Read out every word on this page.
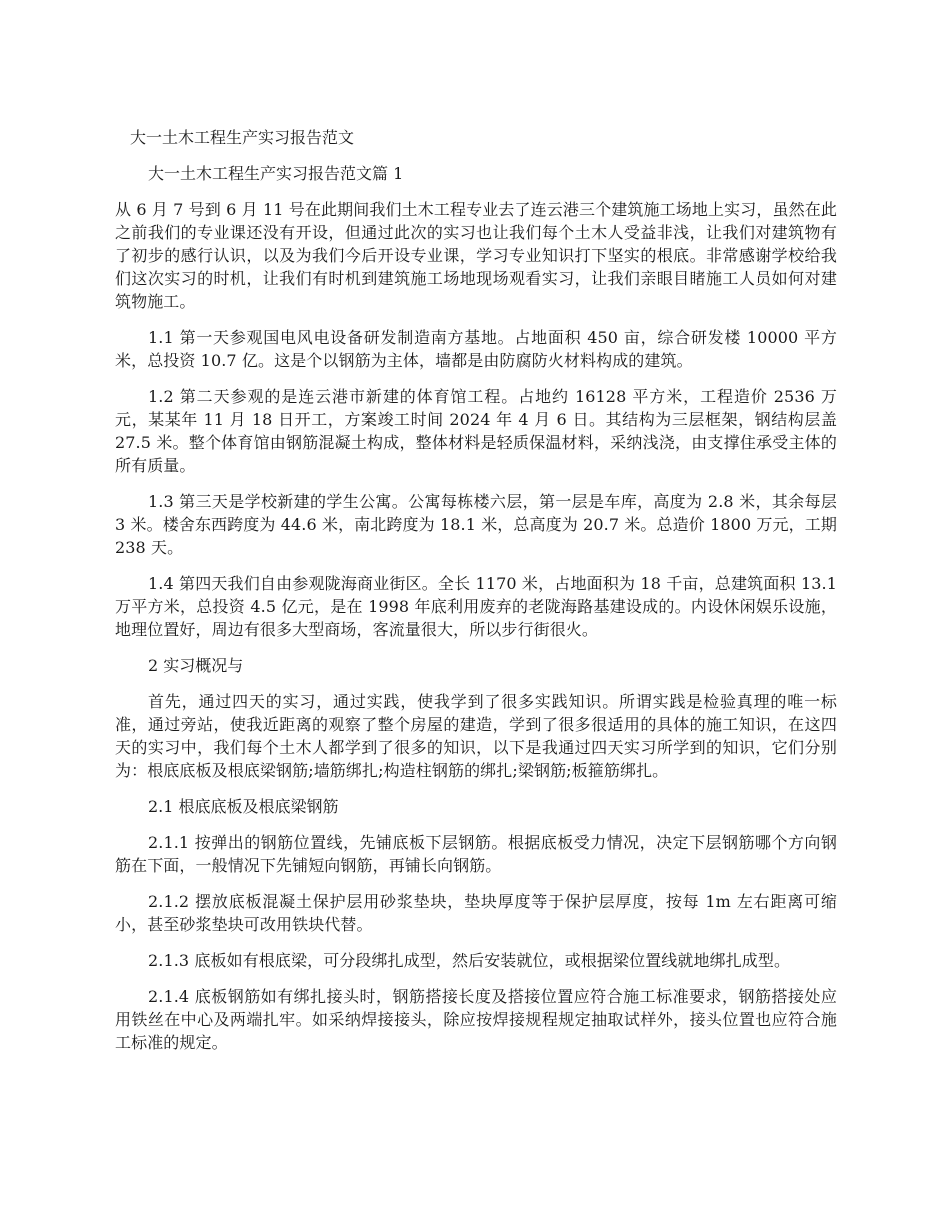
大一土木工程生产实习报告范文

大一土木工程生产实习报告范文篇 1

从 6 月 7 号到 6 月 11 号在此期间我们土木工程专业去了连云港三个建筑施工场地上实习，虽然在此之前我们的专业课还没有开设，但通过此次的实习也让我们每个土木人受益非浅，让我们对建筑物有了初步的感行认识，以及为我们今后开设专业课，学习专业知识打下坚实的根底。非常感谢学校给我们这次实习的时机，让我们有时机到建筑施工场地现场观看实习，让我们亲眼目睹施工人员如何对建筑物施工。

1.1 第一天参观国电风电设备研发制造南方基地。占地面积 450 亩，综合研发楼 10000 平方米，总投资 10.7 亿。这是个以钢筋为主体，墙都是由防腐防火材料构成的建筑。

1.2 第二天参观的是连云港市新建的体育馆工程。占地约 16128 平方米，工程造价 2536 万元，某某年 11 月 18 日开工，方案竣工时间 2024 年 4 月 6 日。其结构为三层框架，钢结构层盖 27.5 米。整个体育馆由钢筋混凝土构成，整体材料是轻质保温材料，采纳浅浇，由支撑住承受主体的所有质量。

1.3 第三天是学校新建的学生公寓。公寓每栋楼六层，第一层是车库，高度为 2.8 米，其余每层 3 米。楼舍东西跨度为 44.6 米，南北跨度为 18.1 米，总高度为 20.7 米。总造价 1800 万元，工期 238 天。

1.4 第四天我们自由参观陇海商业街区。全长 1170 米，占地面积为 18 千亩，总建筑面积 13.1 万平方米，总投资 4.5 亿元，是在 1998 年底利用废弃的老陇海路基建设成的。内设休闲娱乐设施，地理位置好，周边有很多大型商场，客流量很大，所以步行街很火。

2 实习概况与

首先，通过四天的实习，通过实践，使我学到了很多实践知识。所谓实践是检验真理的唯一标准，通过旁站，使我近距离的观察了整个房屋的建造，学到了很多很适用的具体的施工知识，在这四天的实习中，我们每个土木人都学到了很多的知识，以下是我通过四天实习所学到的知识，它们分别为：根底底板及根底梁钢筋;墙筋绑扎;构造柱钢筋的绑扎;梁钢筋;板箍筋绑扎。

2.1 根底底板及根底梁钢筋

2.1.1 按弹出的钢筋位置线，先铺底板下层钢筋。根据底板受力情况，决定下层钢筋哪个方向钢筋在下面，一般情况下先铺短向钢筋，再铺长向钢筋。

2.1.2 摆放底板混凝土保护层用砂浆垫块，垫块厚度等于保护层厚度，按每 1m 左右距离可缩小，甚至砂浆垫块可改用铁块代替。

2.1.3 底板如有根底梁，可分段绑扎成型，然后安装就位，或根据梁位置线就地绑扎成型。

2.1.4 底板钢筋如有绑扎接头时，钢筋搭接长度及搭接位置应符合施工标准要求，钢筋搭接处应用铁丝在中心及两端扎牢。如采纳焊接接头，除应按焊接规程规定抽取试样外，接头位置也应符合施工标准的规定。
